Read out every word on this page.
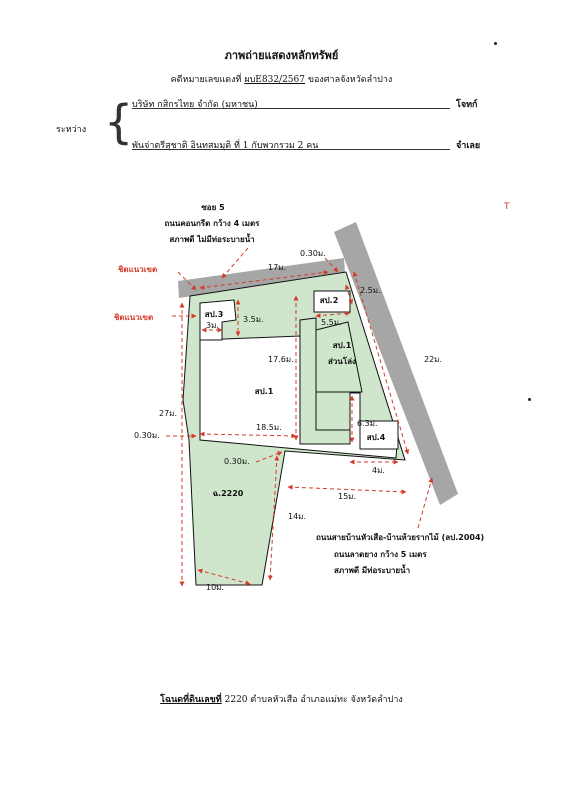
ภาพถ่ายแสดงหลักทรัพย์
คดีหมายเลขแดงที่ ผบE832/2567 ของศาลจังหวัดลำปาง
{
ระหว่าง
บริษัท กสิกรไทย จำกัด (มหาชน)	โจทก์
พันจ่าตรีสุชาติ อินทสมมุติ ที่ 1 กับพวกรวม 2 คน	จำเลย
T
ซอย 5
ถนนคอนกรีต กว้าง 4 เมตร
สภาพดี ไม่มีท่อระบายน้ำ
ถนนสายบ้านหัวเสือ-บ้านห้วยรากไม้ (ลป.2004)
ถนนลาดยาง กว้าง 5 เมตร
สภาพดี มีท่อระบายน้ำ
ชิดแนวเขต
ชิดแนวเขต
สป.1
สป.1
ส่วนโล่ง
สป.2
สป.3
สป.4
ฉ.2220
17ม.
0.30ม.
2.5ม.
3ม.
3.5ม.	5.5ม.
17.6ม.	22ม.
27ม.
0.30ม.
18.5ม.	6.3ม.
0.30ม.
4ม.
15ม.
14ม.
10ม.
โฉนดที่ดินเลขที่ 2220 ตำบลหัวเสือ อำเภอแม่ทะ จังหวัดลำปาง
